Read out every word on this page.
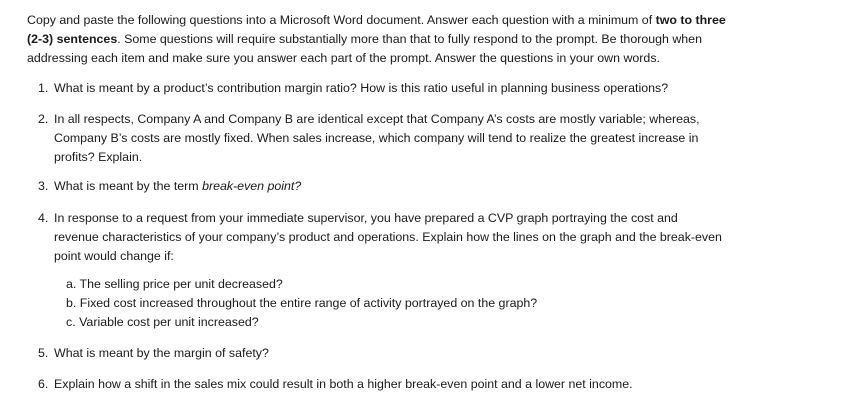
Copy and paste the following questions into a Microsoft Word document. Answer each question with a minimum of two to three
(2-3) sentences. Some questions will require substantially more than that to fully respond to the prompt. Be thorough when
addressing each item and make sure you answer each part of the prompt. Answer the questions in your own words.

1. What is meant by a product’s contribution margin ratio? How is this ratio useful in planning business operations?

2. In all respects, Company A and Company B are identical except that Company A’s costs are mostly variable; whereas,
Company B’s costs are mostly fixed. When sales increase, which company will tend to realize the greatest increase in
profits? Explain.

3. What is meant by the term break-even point?

4. In response to a request from your immediate supervisor, you have prepared a CVP graph portraying the cost and
revenue characteristics of your company’s product and operations. Explain how the lines on the graph and the break-even
point would change if:

a. The selling price per unit decreased?

b. Fixed cost increased throughout the entire range of activity portrayed on the graph?

c. Variable cost per unit increased?

5. What is meant by the margin of safety?

6. Explain how a shift in the sales mix could result in both a higher break-even point and a lower net income.
